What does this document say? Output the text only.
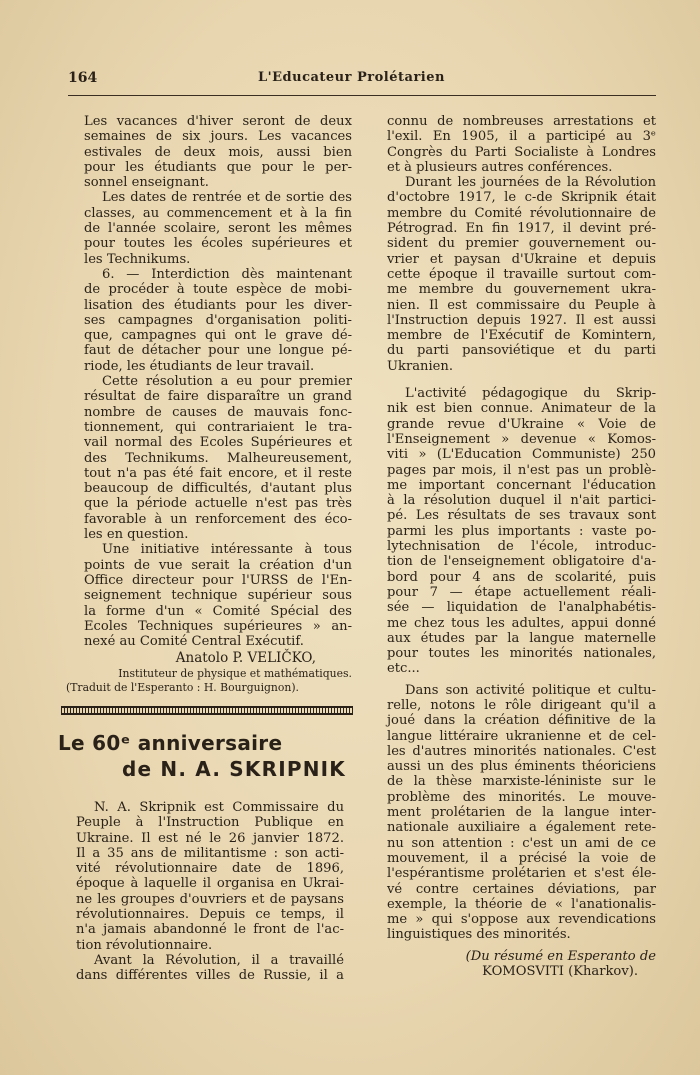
164	L'Educateur Prolétarien

Les vacances d'hiver seront de deux
semaines de six jours. Les vacances
estivales de deux mois, aussi bien
pour les étudiants que pour le per-
sonnel enseignant.

Les dates de rentrée et de sortie des
classes, au commencement et à la fin
de l'année scolaire, seront les mêmes
pour toutes les écoles supérieures et
les Technikums.

6. — Interdiction dès maintenant
de procéder à toute espèce de mobi-
lisation des étudiants pour les diver-
ses campagnes d'organisation politi-
que, campagnes qui ont le grave dé-
faut de détacher pour une longue pé-
riode, les étudiants de leur travail.

Cette résolution a eu pour premier
résultat de faire disparaître un grand
nombre de causes de mauvais fonc-
tionnement, qui contrariaient le tra-
vail normal des Ecoles Supérieures et
des Technikums. Malheureusement,
tout n'a pas été fait encore, et il reste
beaucoup de difficultés, d'autant plus
que la période actuelle n'est pas très
favorable à un renforcement des éco-
les en question.

Une initiative intéressante à tous
points de vue serait la création d'un
Office directeur pour l'URSS de l'En-
seignement technique supérieur sous
la forme d'un « Comité Spécial des
Ecoles Techniques supérieures » an-
nexé au Comité Central Exécutif.

Anatolo P. VELIČKO,

Instituteur de physique et mathématiques.

(Traduit de l'Esperanto : H. Bourguignon).

Le 60ᵉ anniversaire
de N. A. SKRIPNIK

N. A. Skripnik est Commissaire du
Peuple à l'Instruction Publique en
Ukraine. Il est né le 26 janvier 1872.
Il a 35 ans de militantisme : son acti-
vité révolutionnaire date de 1896,
époque à laquelle il organisa en Ukrai-
ne les groupes d'ouvriers et de paysans
révolutionnaires. Depuis ce temps, il
n'a jamais abandonné le front de l'ac-
tion révolutionnaire.

Avant la Révolution, il a travaillé
dans différentes villes de Russie, il a

connu de nombreuses arrestations et
l'exil. En 1905, il a participé au 3ᵉ
Congrès du Parti Socialiste à Londres
et à plusieurs autres conférences.

Durant les journées de la Révolution
d'octobre 1917, le c-de Skripnik était
membre du Comité révolutionnaire de
Pétrograd. En fin 1917, il devint pré-
sident du premier gouvernement ou-
vrier et paysan d'Ukraine et depuis
cette époque il travaille surtout com-
me membre du gouvernement ukra-
nien. Il est commissaire du Peuple à
l'Instruction depuis 1927. Il est aussi
membre de l'Exécutif de Komintern,
du parti pansoviétique et du parti
Ukranien.

L'activité pédagogique du Skrip-
nik est bien connue. Animateur de la
grande revue d'Ukraine « Voie de
l'Enseignement » devenue « Komos-
viti » (L'Education Communiste) 250
pages par mois, il n'est pas un problè-
me important concernant l'éducation
à la résolution duquel il n'ait partici-
pé. Les résultats de ses travaux sont
parmi les plus importants : vaste po-
lytechnisation de l'école, introduc-
tion de l'enseignement obligatoire d'a-
bord pour 4 ans de scolarité, puis
pour 7 — étape actuellement réali-
sée — liquidation de l'analphabétis-
me chez tous les adultes, appui donné
aux études par la langue maternelle
pour toutes les minorités nationales,
etc...

Dans son activité politique et cultu-
relle, notons le rôle dirigeant qu'il a
joué dans la création définitive de la
langue littéraire ukranienne et de cel-
les d'autres minorités nationales. C'est
aussi un des plus éminents théoriciens
de la thèse marxiste-léniniste sur le
problème des minorités. Le mouve-
ment prolétarien de la langue inter-
nationale auxiliaire a également rete-
nu son attention : c'est un ami de ce
mouvement, il a précisé la voie de
l'espérantisme prolétarien et s'est éle-
vé contre certaines déviations, par
exemple, la théorie de « l'anationalis-
me » qui s'oppose aux revendications
linguistiques des minorités.

(Du résumé en Esperanto de

KOMOSVITI (Kharkov).
